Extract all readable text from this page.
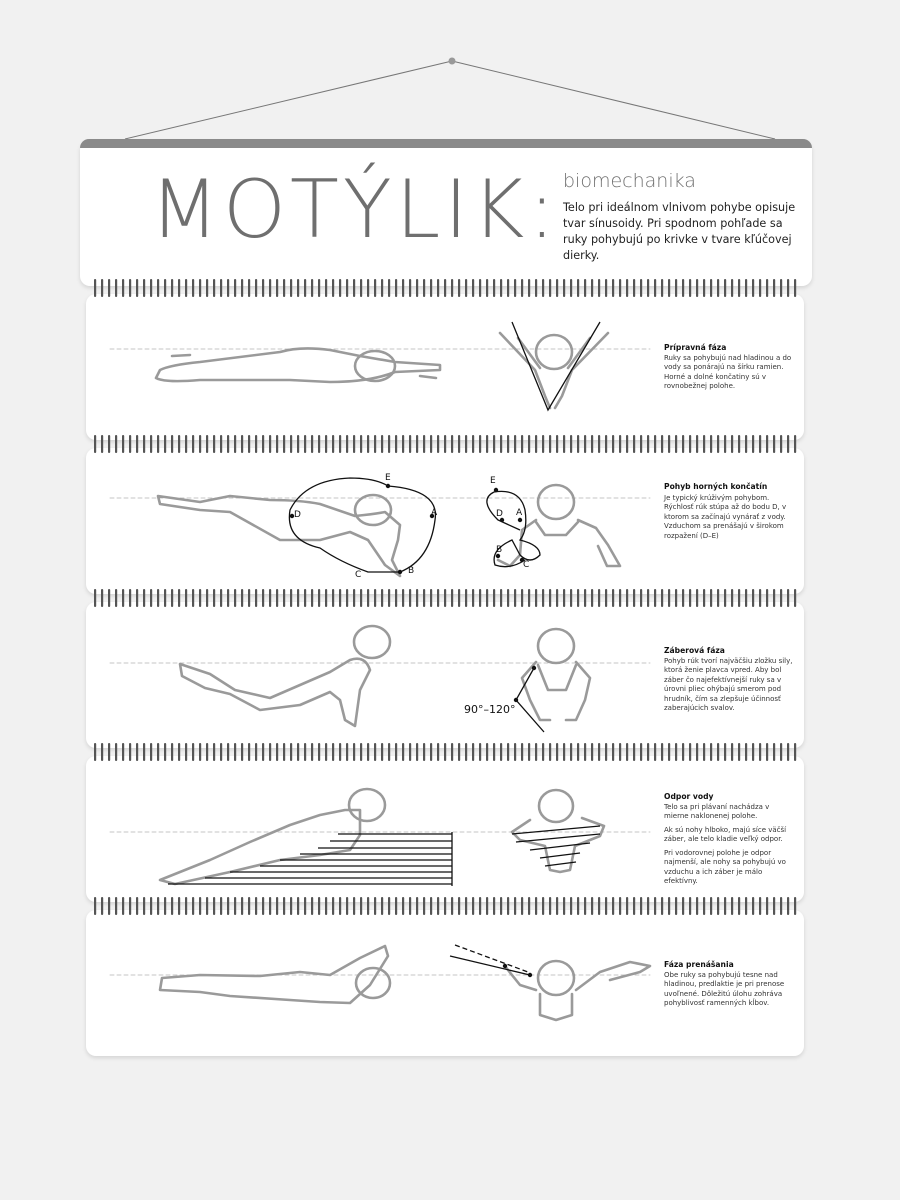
MOTÝLIK: biomechanika
Telo pri ideálnom vlnivom pohybe opisuje tvar sínusoidy. Pri spodnom pohľade sa ruky pohybujú po krivke v tvare kľúčovej dierky.
Prípravná fáza
Ruky sa pohybujú nad hladinou a do vody sa ponárajú na šírku ramien. Horné a dolné končatiny sú v rovnobežnej polohe.
Pohyb horných končatín
Je typický krúživým pohybom. Rýchlosť rúk stúpa až do bodu D, v ktorom sa začínajú vynárať z vody. Vzduchom sa prenášajú v širokom rozpažení (D–E)
Záberová fáza
Pohyb rúk tvorí najväčšiu zložku sily, ktorá ženie plavca vpred. Aby bol záber čo najefektívnejší ruky sa v úrovni pliec ohýbajú smerom pod hrudník, čím sa zlepšuje účinnosť zaberajúcich svalov.
Odpor vody
Telo sa pri plávaní nachádza v mierne naklonenej polohe.
Ak sú nohy hlboko, majú síce väčší záber, ale telo kladie veľký odpor.
Pri vodorovnej polohe je odpor najmenší, ale nohy sa pohybujú vo vzduchu a ich záber je málo efektívny.
Fáza prenášania
Obe ruky sa pohybujú tesne nad hladinou, predlaktie je pri prenose uvoľnené. Dôležitú úlohu zohráva pohyblivosť ramenných kĺbov.
E
A
D
B
C
E
D A
B
C
90°–120°
